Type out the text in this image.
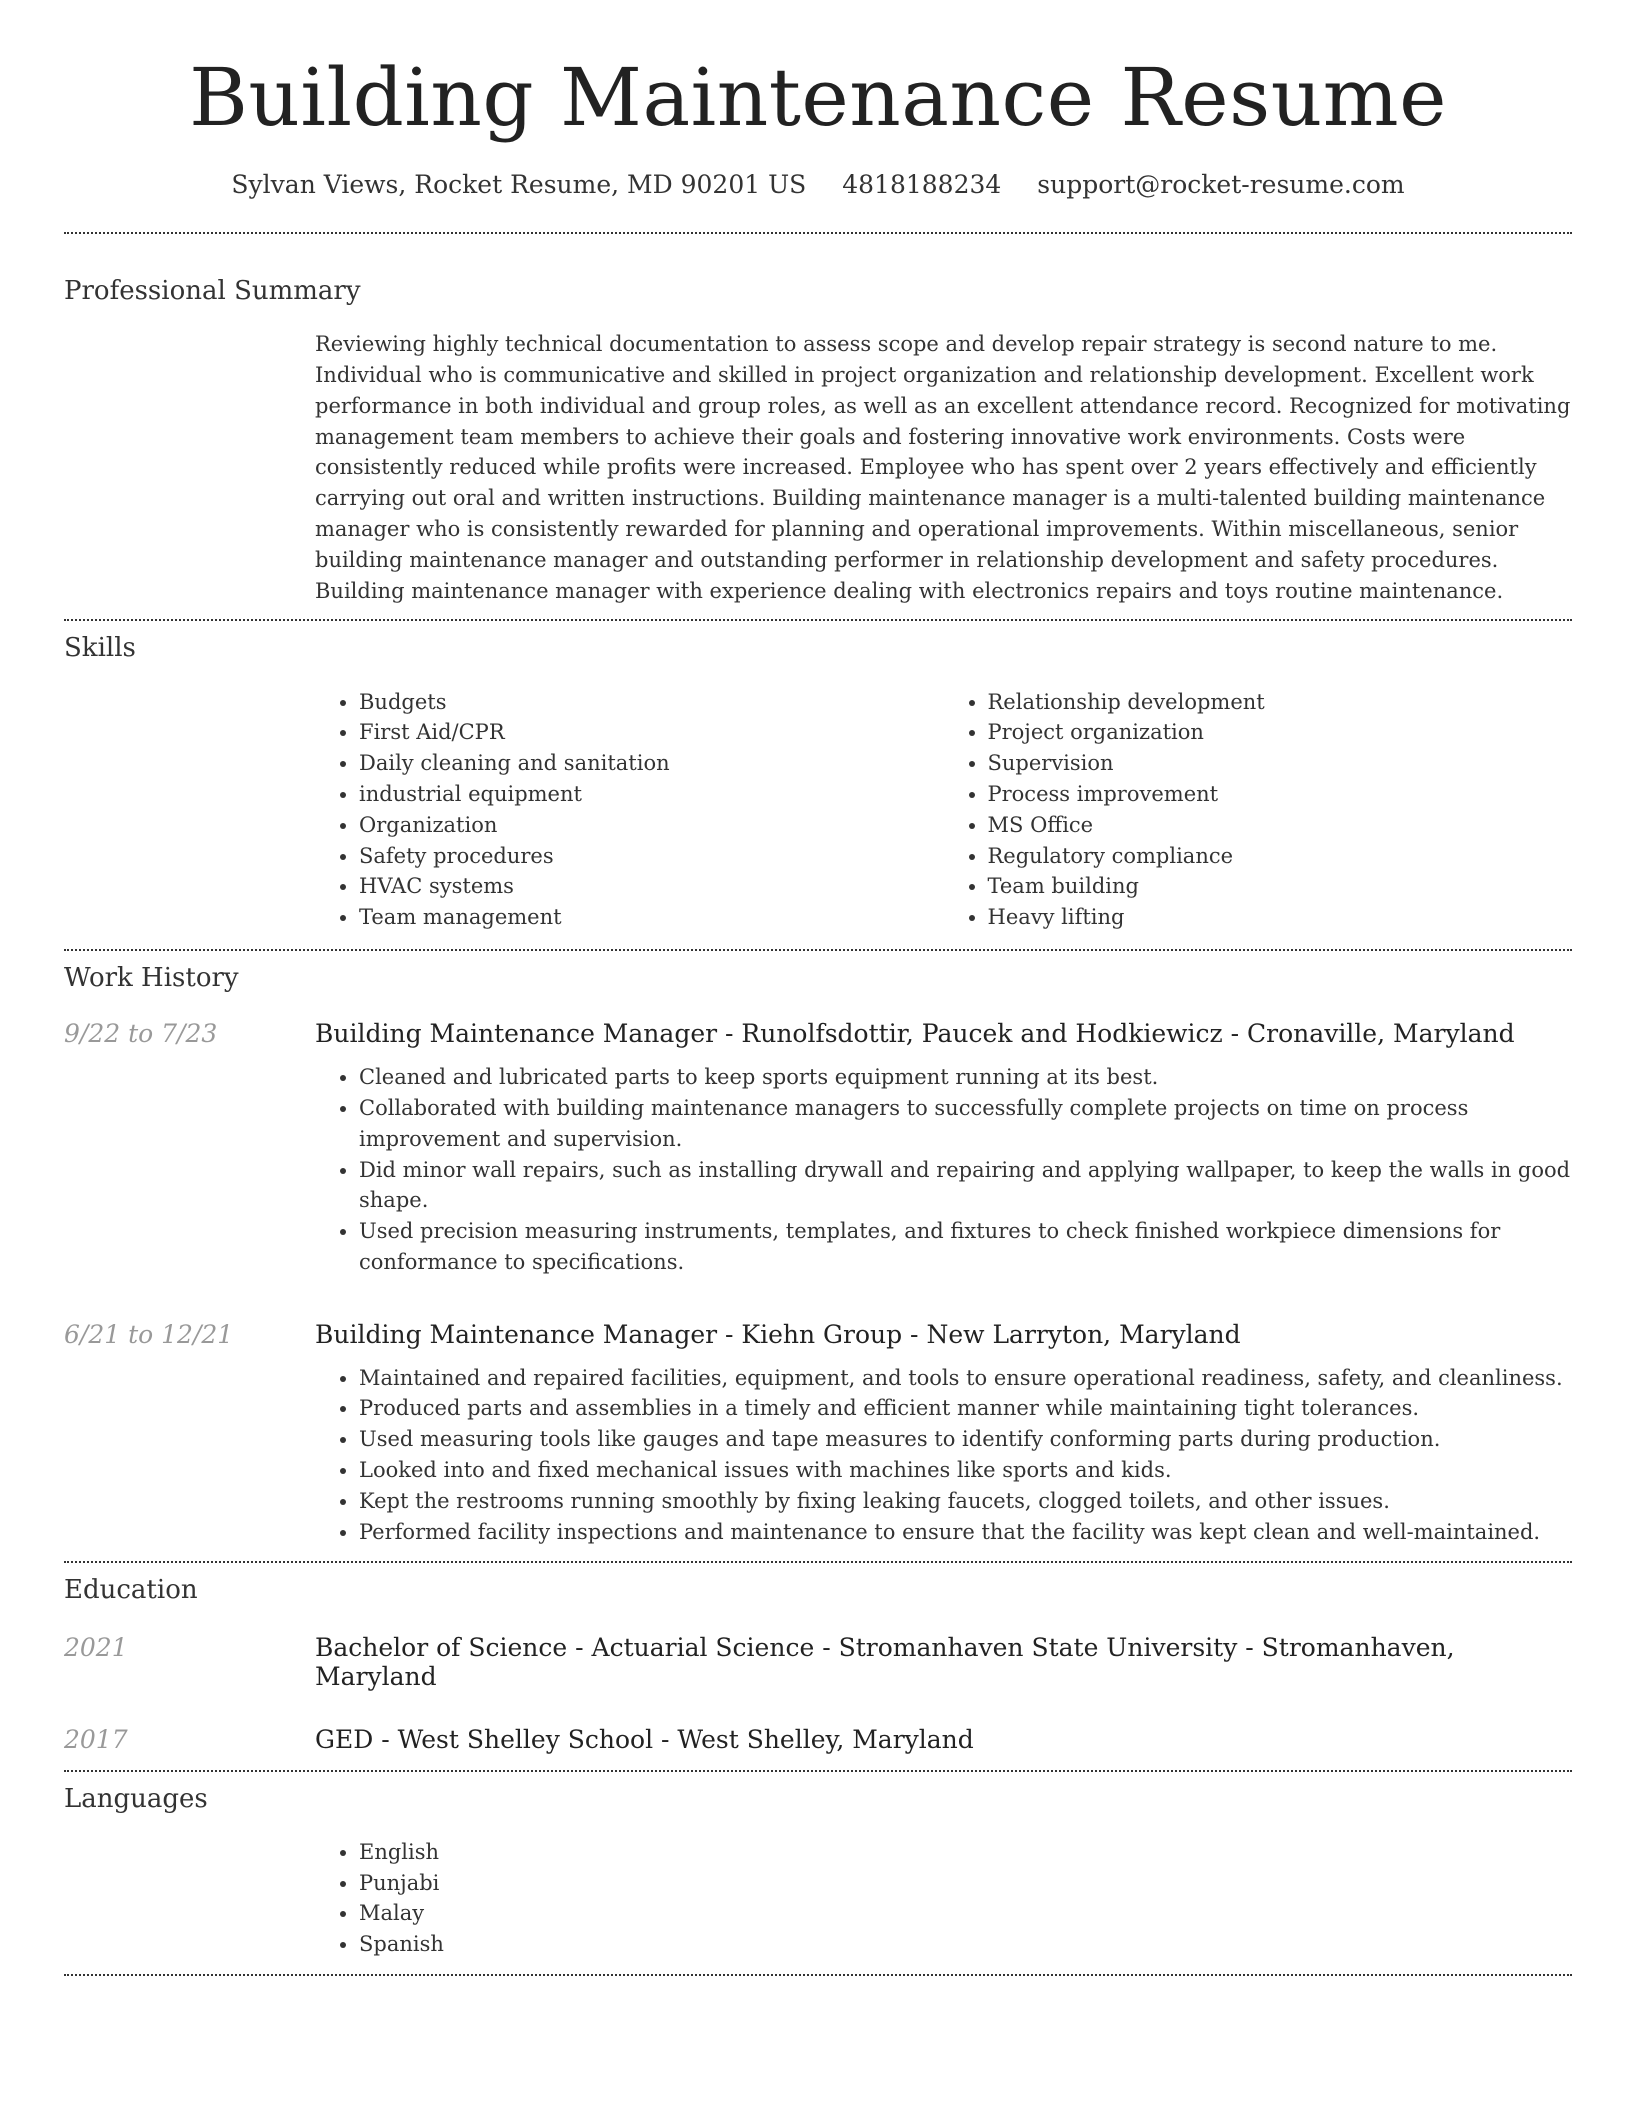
Building Maintenance Resume
Sylvan Views, Rocket Resume, MD 90201 US 4818188234 support@rocket-resume.com
Professional Summary

Reviewing highly technical documentation to assess scope and develop repair strategy is second nature to me. Individual who is communicative and skilled in project organization and relationship development. Excellent work performance in both individual and group roles, as well as an excellent attendance record. Recognized for motivating management team members to achieve their goals and fostering innovative work environments. Costs were consistently reduced while profits were increased. Employee who has spent over 2 years effectively and efficiently carrying out oral and written instructions. Building maintenance manager is a multi-talented building maintenance manager who is consistently rewarded for planning and operational improvements. Within miscellaneous, senior building maintenance manager and outstanding performer in relationship development and safety procedures. Building maintenance manager with experience dealing with electronics repairs and toys routine maintenance.

Skills
• Budgets
• First Aid/CPR
• Daily cleaning and sanitation
• industrial equipment
• Organization
• Safety procedures
• HVAC systems
• Team management
• Relationship development
• Project organization
• Supervision
• Process improvement
• MS Office
• Regulatory compliance
• Team building
• Heavy lifting
Work History
9/22 to 7/23	Building Maintenance Manager - Runolfsdottir, Paucek and Hodkiewicz - Cronaville, Maryland
• Cleaned and lubricated parts to keep sports equipment running at its best.
• Collaborated with building maintenance managers to successfully complete projects on time on process improvement and supervision.
• Did minor wall repairs, such as installing drywall and repairing and applying wallpaper, to keep the walls in good shape.
• Used precision measuring instruments, templates, and fixtures to check finished workpiece dimensions for conformance to specifications.
6/21 to 12/21	Building Maintenance Manager - Kiehn Group - New Larryton, Maryland
• Maintained and repaired facilities, equipment, and tools to ensure operational readiness, safety, and cleanliness.
• Produced parts and assemblies in a timely and efficient manner while maintaining tight tolerances.
• Used measuring tools like gauges and tape measures to identify conforming parts during production.
• Looked into and fixed mechanical issues with machines like sports and kids.
• Kept the restrooms running smoothly by fixing leaking faucets, clogged toilets, and other issues.
• Performed facility inspections and maintenance to ensure that the facility was kept clean and well-maintained.
Education
2021	Bachelor of Science - Actuarial Science - Stromanhaven State University - Stromanhaven, Maryland
2017	GED - West Shelley School - West Shelley, Maryland
Languages
• English
• Punjabi
• Malay
• Spanish
